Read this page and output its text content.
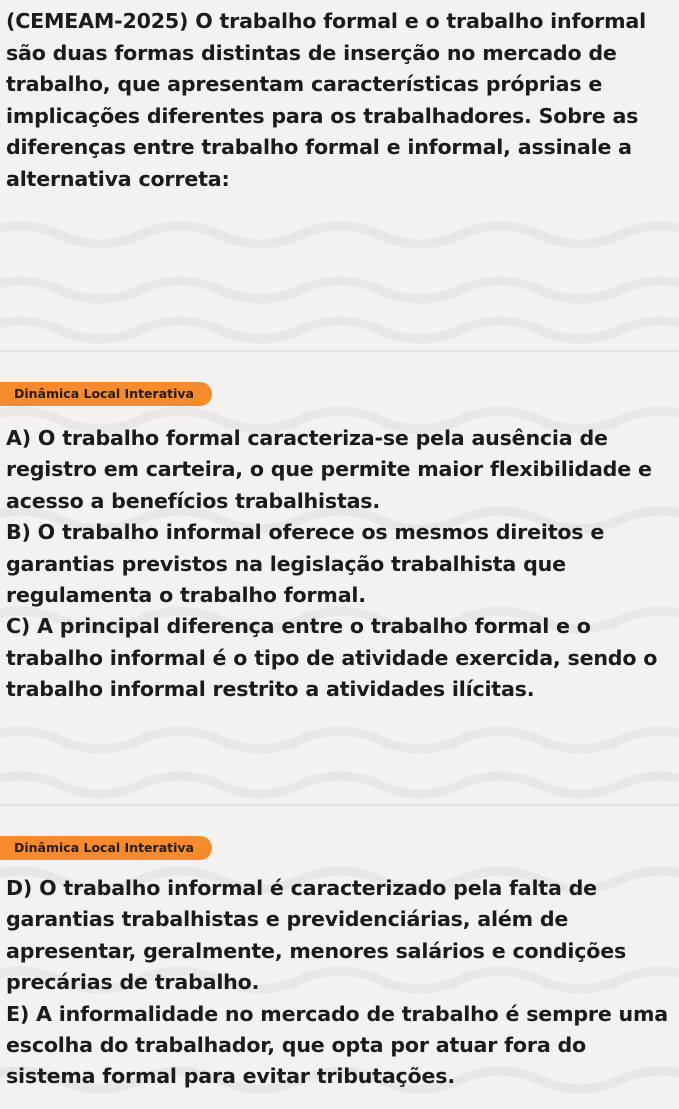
(CEMEAM-2025) O trabalho formal e o trabalho informal são duas formas distintas de inserção no mercado de trabalho, que apresentam características próprias e implicações diferentes para os trabalhadores. Sobre as diferenças entre trabalho formal e informal, assinale a alternativa correta:

Dinâmica Local Interativa
A) O trabalho formal caracteriza-se pela ausência de registro em carteira, o que permite maior flexibilidade e acesso a benefícios trabalhistas.
B) O trabalho informal oferece os mesmos direitos e garantias previstos na legislação trabalhista que regulamenta o trabalho formal.
C) A principal diferença entre o trabalho formal e o trabalho informal é o tipo de atividade exercida, sendo o trabalho informal restrito a atividades ilícitas.
Dinâmica Local Interativa
D) O trabalho informal é caracterizado pela falta de garantias trabalhistas e previdenciárias, além de apresentar, geralmente, menores salários e condições precárias de trabalho.
E) A informalidade no mercado de trabalho é sempre uma escolha do trabalhador, que opta por atuar fora do sistema formal para evitar tributações.
